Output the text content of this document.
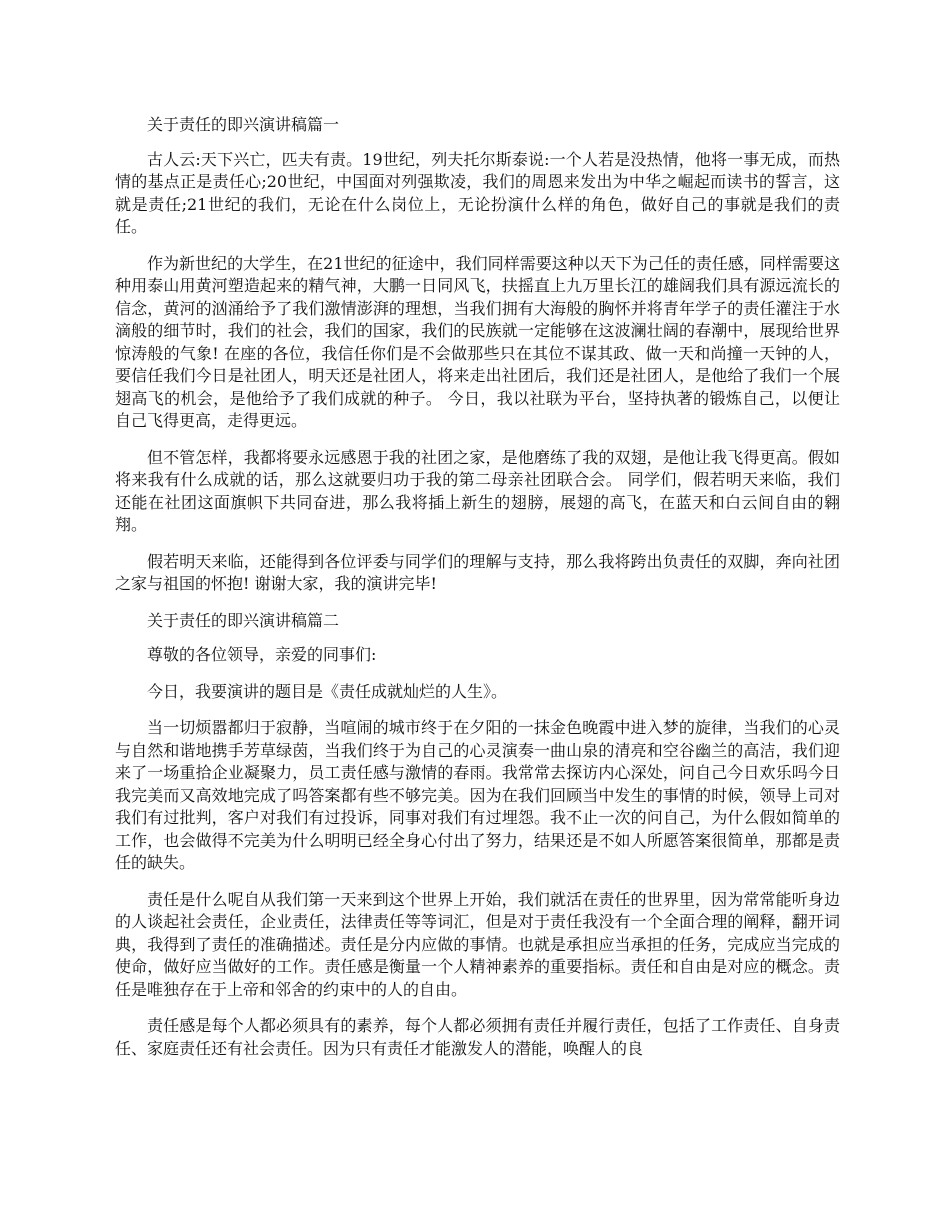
关于责任的即兴演讲稿篇一

古人云:天下兴亡，匹夫有责。19世纪，列夫托尔斯泰说:一个人若是没热情，他将一事无成，而热情的基点正是责任心;20世纪，中国面对列强欺凌，我们的周恩来发出为中华之崛起而读书的誓言，这就是责任;21世纪的我们，无论在什么岗位上，无论扮演什么样的角色，做好自己的事就是我们的责任。

作为新世纪的大学生，在21世纪的征途中，我们同样需要这种以天下为己任的责任感，同样需要这种用泰山用黄河塑造起来的精气神，大鹏一日同风飞，扶摇直上九万里长江的雄阔我们具有源远流长的信念，黄河的汹涌给予了我们激情澎湃的理想，当我们拥有大海般的胸怀并将青年学子的责任灌注于水滴般的细节时，我们的社会，我们的国家，我们的民族就一定能够在这波澜壮阔的春潮中，展现给世界惊涛般的气象! 在座的各位，我信任你们是不会做那些只在其位不谋其政、做一天和尚撞一天钟的人，要信任我们今日是社团人，明天还是社团人，将来走出社团后，我们还是社团人，是他给了我们一个展翅高飞的机会，是他给予了我们成就的种子。 今日，我以社联为平台，坚持执著的锻炼自己，以便让自己飞得更高，走得更远。

但不管怎样，我都将要永远感恩于我的社团之家，是他磨练了我的双翅，是他让我飞得更高。假如将来我有什么成就的话，那么这就要归功于我的第二母亲社团联合会。 同学们，假若明天来临，我们还能在社团这面旗帜下共同奋进，那么我将插上新生的翅膀，展翅的高飞，在蓝天和白云间自由的翱翔。

假若明天来临，还能得到各位评委与同学们的理解与支持，那么我将跨出负责任的双脚，奔向社团之家与祖国的怀抱! 谢谢大家，我的演讲完毕!

关于责任的即兴演讲稿篇二

尊敬的各位领导，亲爱的同事们:

今日，我要演讲的题目是《责任成就灿烂的人生》。

当一切烦嚣都归于寂静，当喧闹的城市终于在夕阳的一抹金色晚霞中进入梦的旋律，当我们的心灵与自然和谐地携手芳草绿茵，当我们终于为自己的心灵演奏一曲山泉的清亮和空谷幽兰的高洁，我们迎来了一场重拾企业凝聚力，员工责任感与激情的春雨。我常常去探访内心深处，问自己今日欢乐吗今日我完美而又高效地完成了吗答案都有些不够完美。因为在我们回顾当中发生的事情的时候，领导上司对我们有过批判，客户对我们有过投诉，同事对我们有过埋怨。我不止一次的问自己，为什么假如简单的工作，也会做得不完美为什么明明已经全身心付出了努力，结果还是不如人所愿答案很简单，那都是责任的缺失。

责任是什么呢自从我们第一天来到这个世界上开始，我们就活在责任的世界里，因为常常能听身边的人谈起社会责任，企业责任，法律责任等等词汇，但是对于责任我没有一个全面合理的阐释，翻开词典，我得到了责任的准确描述。责任是分内应做的事情。也就是承担应当承担的任务，完成应当完成的使命，做好应当做好的工作。责任感是衡量一个人精神素养的重要指标。责任和自由是对应的概念。责任是唯独存在于上帝和邻舍的约束中的人的自由。

责任感是每个人都必须具有的素养，每个人都必须拥有责任并履行责任，包括了工作责任、自身责任、家庭责任还有社会责任。因为只有责任才能激发人的潜能，唤醒人的良
